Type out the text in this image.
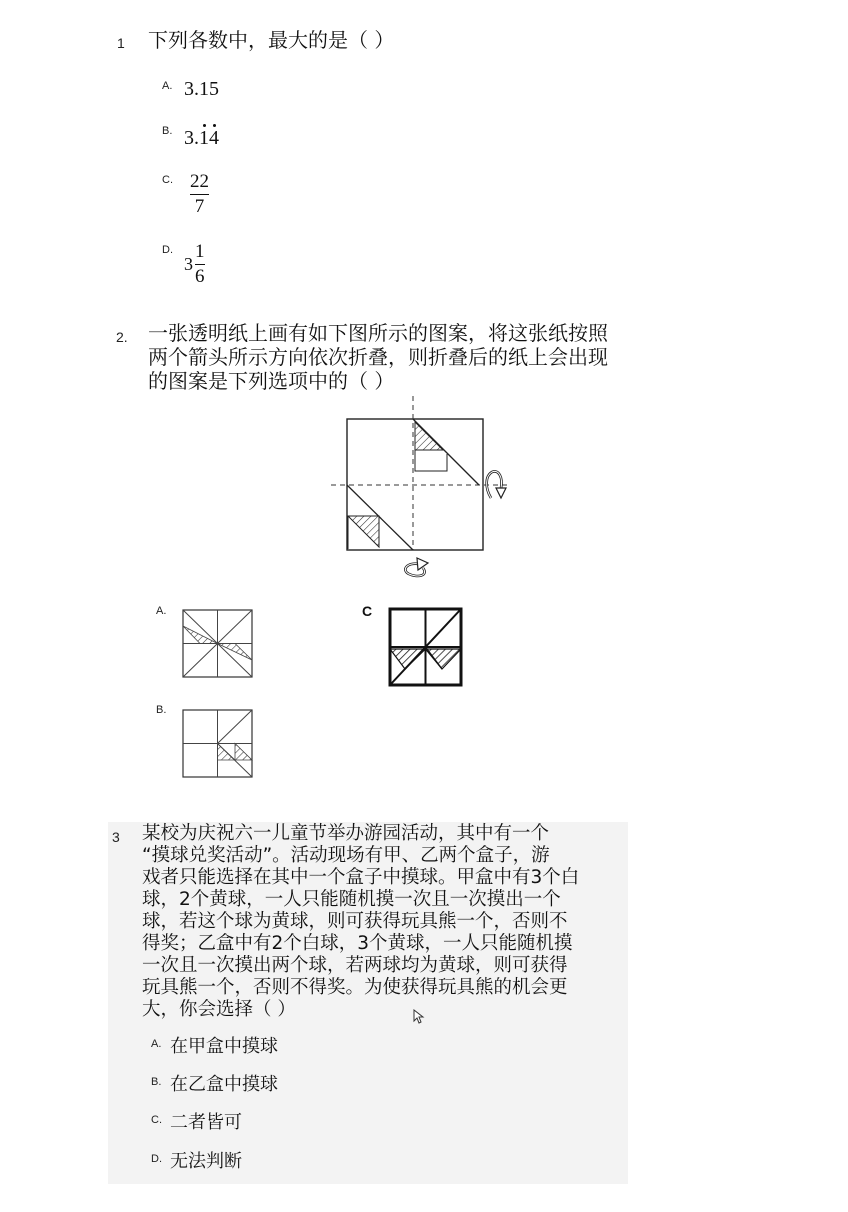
1 下列各数中，最大的是（ ）
A. 3.15
B. 3.14
C. $\frac{22}{7}$
D.
$3 \frac{1}{6}$
2. 一张透明纸上画有如下图所示的图案，将这张纸按照
两个箭头所示方向依次折叠，则折叠后的纸上会出现
的图案是下列选项中的（ ）
A.
B.
C
3 某校为庆祝六一儿童节举办游园活动，其中有一个
“摸球兑奖活动”。活动现场有甲、乙两个盒子，游
戏者只能选择在其中一个盒子中摸球。甲盒中有3个白
球，2个黄球，一人只能随机摸一次且一次摸出一个
球，若这个球为黄球，则可获得玩具熊一个，否则不
得奖；乙盒中有2个白球，3个黄球，一人只能随机摸
一次且一次摸出两个球，若两球均为黄球，则可获得
玩具熊一个，否则不得奖。为使获得玩具熊的机会更
大，你会选择（ ）
A. 在甲盒中摸球
B. 在乙盒中摸球
C. 二者皆可
D. 无法判断
